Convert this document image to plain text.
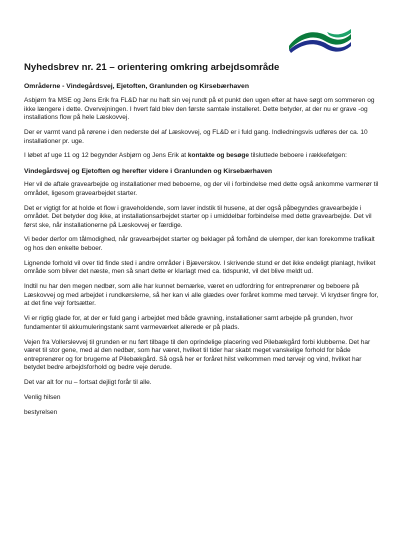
Nyhedsbrev nr. 21 – orientering omkring arbejdsområde
Områderne - Vindegårdsvej, Ejetoften, Granlunden og Kirsebærhaven

Asbjørn fra MSE og Jens Erik fra FL&D har nu haft sin vej rundt på et punkt den ugen efter at have søgt om sommeren og ikke længere i dette. Overvejningen. I hvert fald blev den første samtale installeret. Dette betyder, at der nu er grave -og installations flow på hele Læskovvej.

Der er varmt vand på rørene i den nederste del af Læskovvej, og FL&D er i fuld gang. Indledningsvis udføres der ca. 10 installationer pr. uge.

I løbet af uge 11 og 12 begynder Asbjørn og Jens Erik at kontakte og besøge tilsluttede beboere i rækkefølgen:

Vindegårdsvej og Ejetoften og herefter videre i Granlunden og Kirsebærhaven

Her vil de aftale gravearbejde og installationer med beboerne, og der vil i forbindelse med dette også ankomme varmerør til området, ligesom gravearbejdet starter.

Det er vigtigt for at holde et flow i graveholdende, som laver indstik til husene, at der også påbegyndes gravearbejde i området. Det betyder dog ikke, at installationsarbejdet starter op i umiddelbar forbindelse med dette gravearbejde. Det vil først ske, når installationerne på Læskovvej er færdige.

Vi beder derfor om tålmodighed, når gravearbejdet starter og beklager på forhånd de ulemper, der kan forekomme trafikalt og hos den enkelte beboer.

Lignende forhold vil over tid finde sted i andre områder i Bjæverskov. I skrivende stund er det ikke endeligt planlagt, hvilket område som bliver det næste, men så snart dette er klarlagt med ca. tidspunkt, vil det blive meldt ud.

Indtil nu har den megen nedbør, som alle har kunnet bemærke, været en udfordring for entreprenører og beboere på Læskovvej og med arbejdet i rundkørslerne, så her kan vi alle glædes over foråret komme med tørvejr. Vi krydser fingre for, at det fine vejr fortsætter.

Vi er rigtig glade for, at der er fuld gang i arbejdet med både gravning, installationer samt arbejde på grunden, hvor fundamenter til akkumuleringstank samt varmeværket allerede er på plads.

Vejen fra Vollerslevvej til grunden er nu ført tilbage til den oprindelige placering ved Pilebækgård forbi klubberne. Det har været til stor gene, med al den nedbør, som har været, hvilket til tider har skabt meget vanskelige forhold for både entreprenører og for brugerne af Pilebækgård. Så også her er foråret hilst velkommen med tørvejr og vind, hvilket har betydet bedre arbejdsforhold og bedre veje derude.

Det var alt for nu – fortsat dejligt forår til alle.

Venlig hilsen

bestyrelsen
